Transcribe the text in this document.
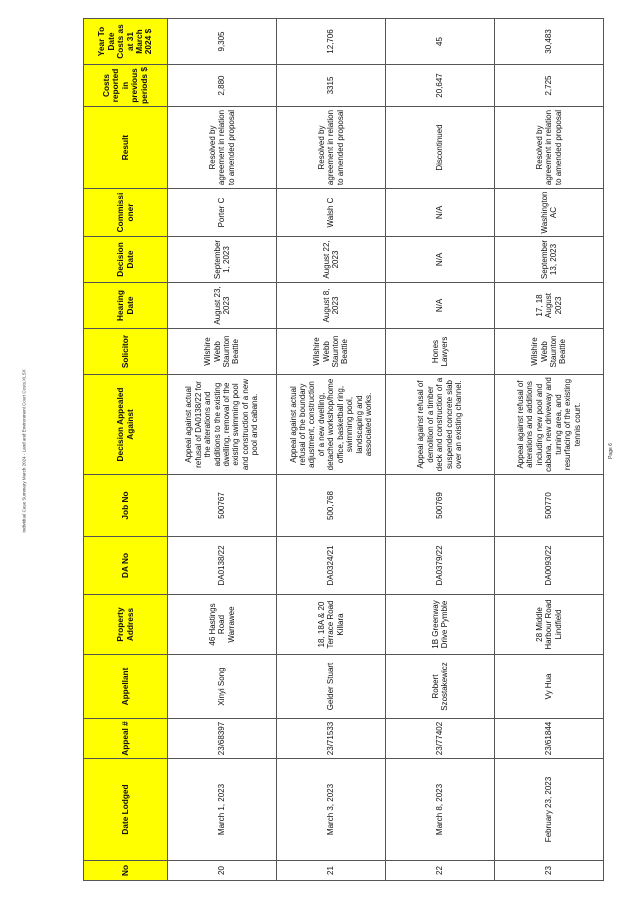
Individual Case Summary March 2024 - Land and Environment Court Costs.XLSX
No	Date Lodged	Appeal #	Appellant	Property Address	DA No	Job No	Decision Appealed Against	Solicitor	Hearing Date	Decision Date	Commissioner	Result	Costs reported in previous periods $	Year To Date Costs as at 31 March 2024 $
20	March 1, 2023	23/68397	Xinyi Song	46 Hastings Road Warrawee	DA0138/22	500767	Appeal against actual refusal of DA0138/22 for the alterations and additions to the existing dwelling, removal of the existing swimming pool and construction of a new pool and cabana.	Wilshire Webb Staunton Beattie	August 23, 2023	September 1, 2023	Porter C	Resolved by agreement in relation to amended proposal	2,880	9,305
21	March 3, 2023	23/71533	Gelder Stuart	18, 18A & 20 Terrace Road Killara	DA0324/21	500,768	Appeal against actual refusal of the boundary adjustment, construction of a new dwelling, detached workshop/home office, basketball ring, swimming pool, landscaping and associated works.	Wilshire Webb Staunton Beattie	August 8, 2023	August 22, 2023	Walsh C	Resolved by agreement in relation to amended proposal	3315	12,706
22	March 8, 2023	23/77402	Robert Szostakewicz	1B Greenway Drive Pymble	DA0379/22	500769	Appeal against refusal of demolition of a timber deck and construction of a suspended concrete slab over an existing channel.	Hones Lawyers	N/A	N/A	N/A	Discontinued	20,647	45
23	February 23, 2023	23/61844	Vy Hua	28 Middle Harbour Road Lindfield	DA0093/22	500770	Appeal against refusal of alterations and additions including new pool and cabana, new driveway and turning area, and resurfacing of the existing tennis court.	Wilshire Webb Staunton Beattie	17, 18 August 2023	September 13, 2023	Washington AC	Resolved by agreement in relation to amended proposal	2,725	30,483
Page 6
